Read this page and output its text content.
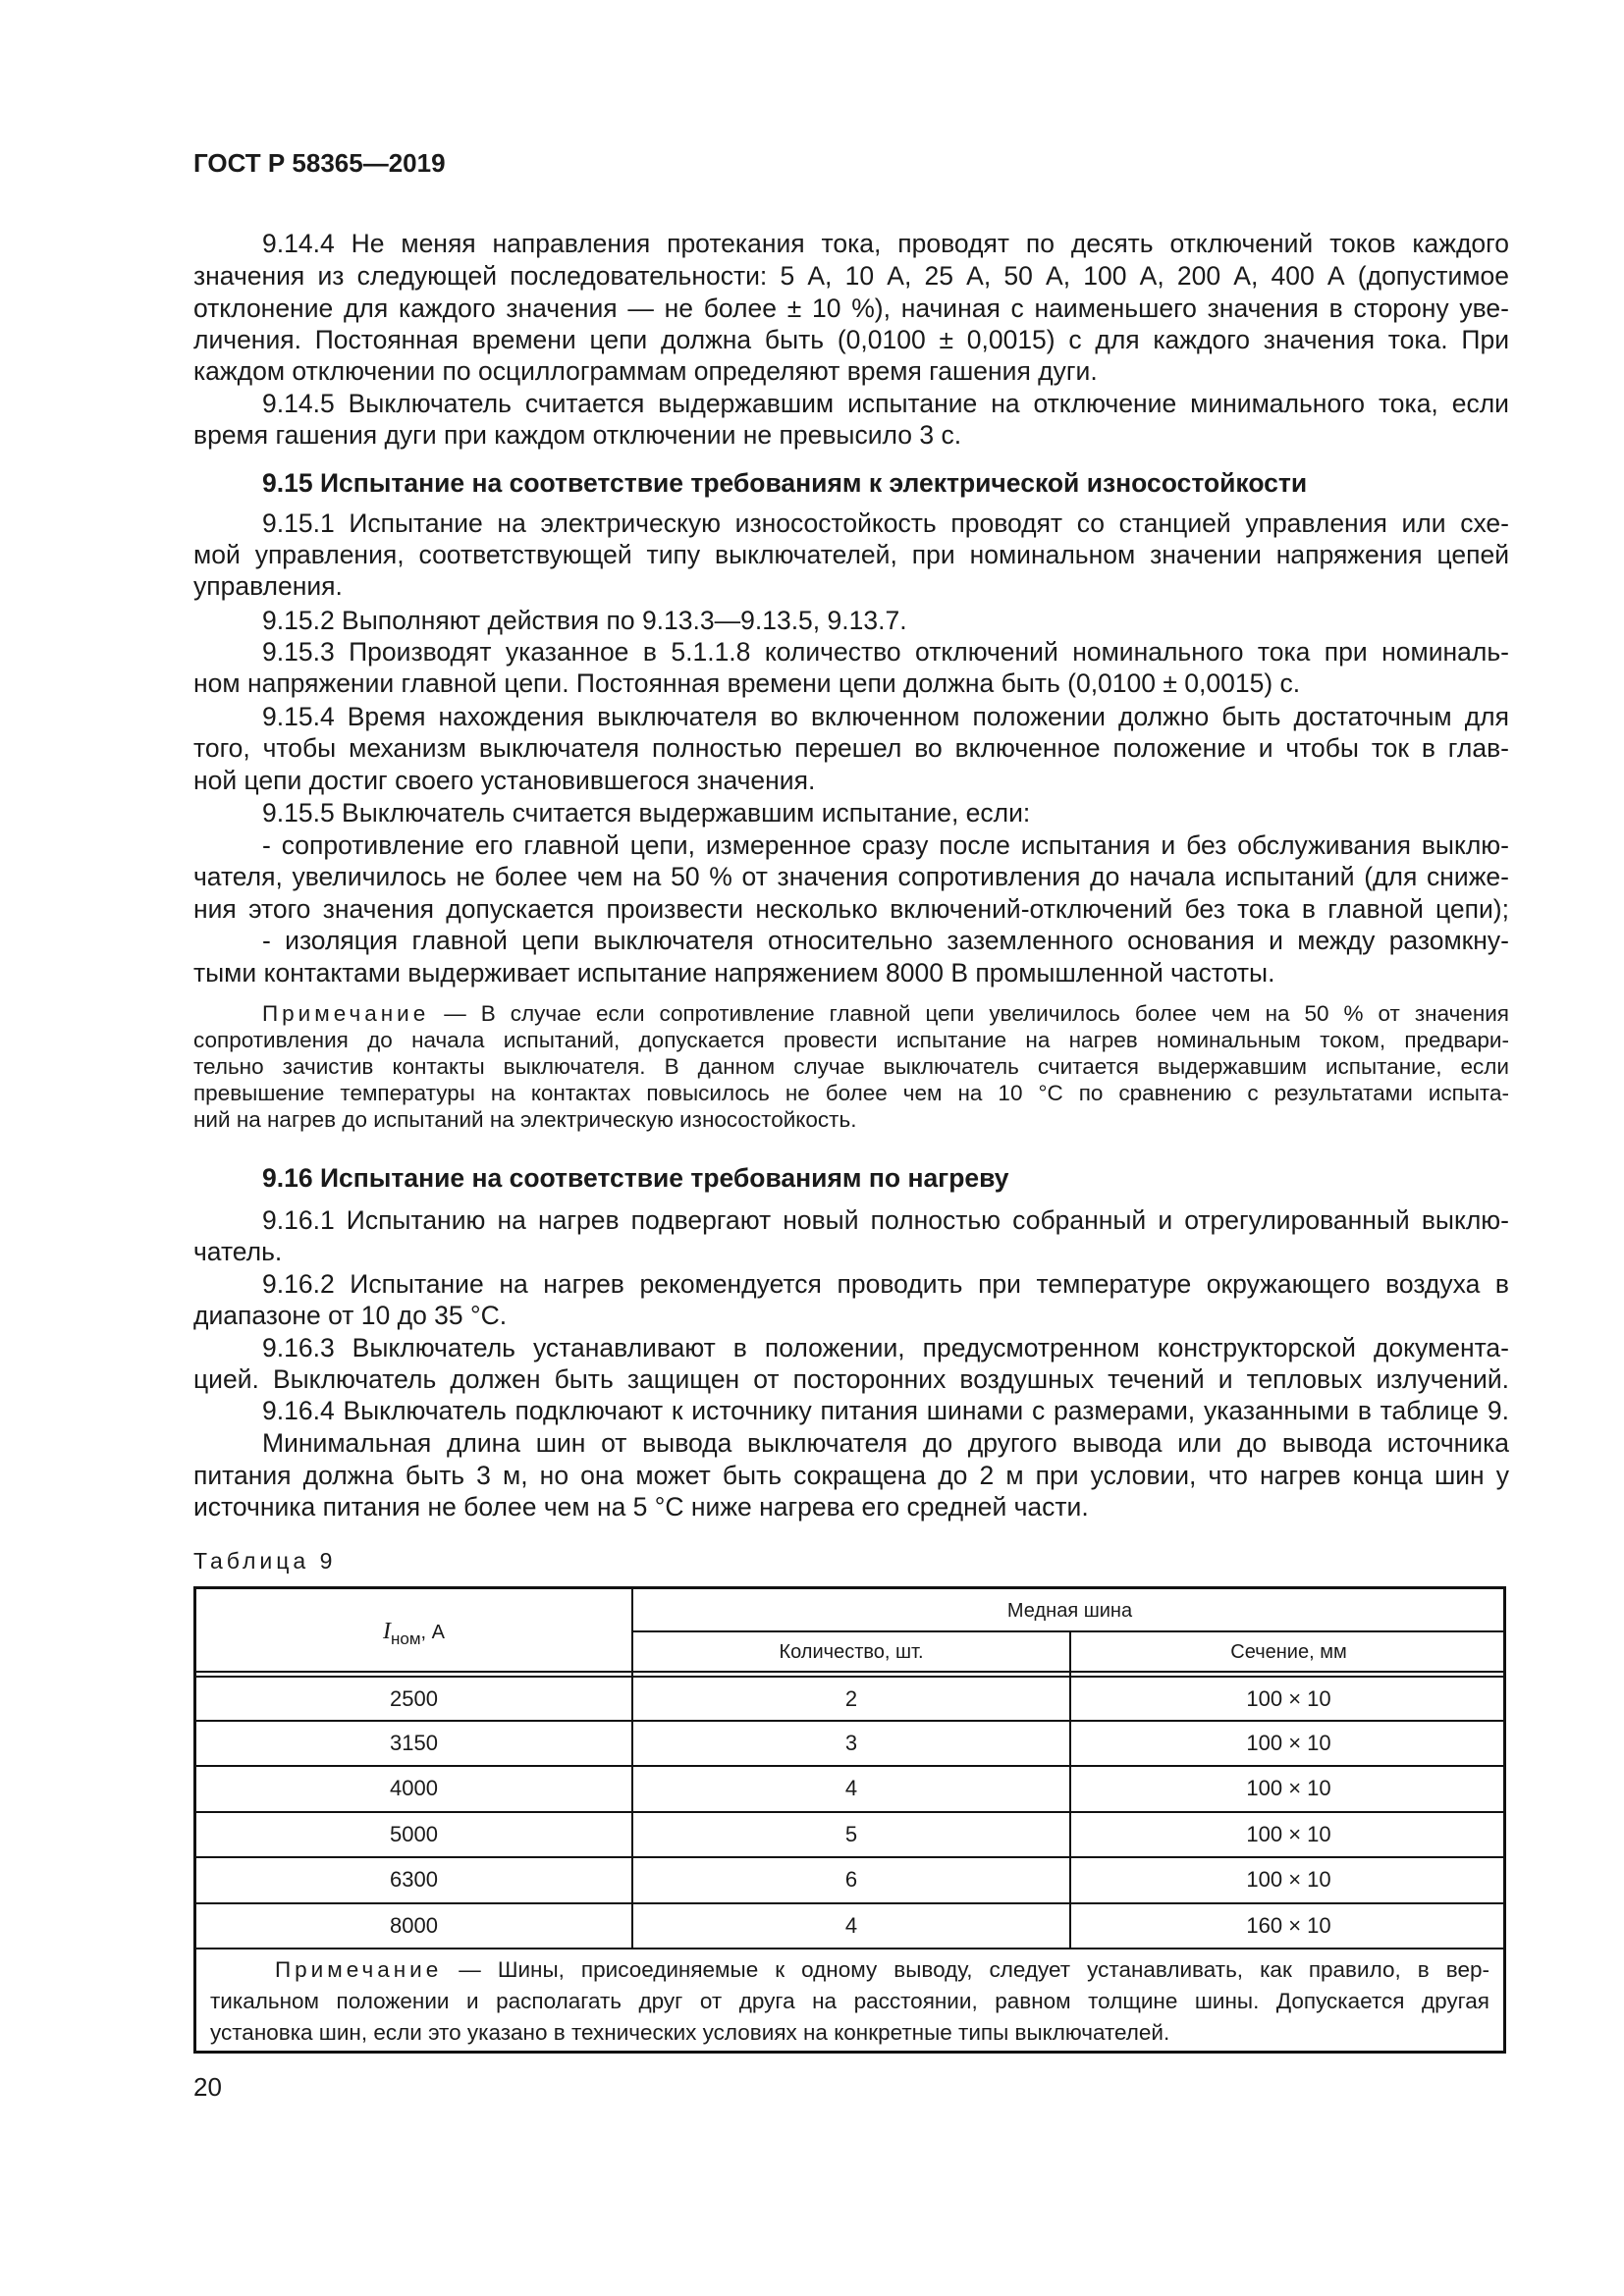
ГОСТ Р 58365—2019
9.14.4 Не меняя направления протекания тока, проводят по десять отключений токов каждого
значения из следующей последовательности: 5 А, 10 А, 25 А, 50 А, 100 А, 200 А, 400 А (допустимое
отклонение для каждого значения — не более ± 10 %), начиная с наименьшего значения в сторону уве-
личения. Постоянная времени цепи должна быть (0,0100 ± 0,0015) с для каждого значения тока. При
каждом отключении по осциллограммам определяют время гашения дуги.
9.14.5 Выключатель считается выдержавшим испытание на отключение минимального тока, если
время гашения дуги при каждом отключении не превысило 3 с.
9.15 Испытание на соответствие требованиям к электрической износостойкости
9.15.1 Испытание на электрическую износостойкость проводят со станцией управления или схе-
мой управления, соответствующей типу выключателей, при номинальном значении напряжения цепей
управления.
9.15.2 Выполняют действия по 9.13.3—9.13.5, 9.13.7.
9.15.3 Производят указанное в 5.1.1.8 количество отключений номинального тока при номиналь-
ном напряжении главной цепи. Постоянная времени цепи должна быть (0,0100 ± 0,0015) с.
9.15.4 Время нахождения выключателя во включенном положении должно быть достаточным для
того, чтобы механизм выключателя полностью перешел во включенное положение и чтобы ток в глав-
ной цепи достиг своего установившегося значения.
9.15.5 Выключатель считается выдержавшим испытание, если:
- сопротивление его главной цепи, измеренное сразу после испытания и без обслуживания выклю-
чателя, увеличилось не более чем на 50 % от значения сопротивления до начала испытаний (для сниже-
ния этого значения допускается произвести несколько включений-отключений без тока в главной цепи);
- изоляция главной цепи выключателя относительно заземленного основания и между разомкну-
тыми контактами выдерживает испытание напряжением 8000 В промышленной частоты.
Примечание — В случае если сопротивление главной цепи увеличилось более чем на 50 % от значения
сопротивления до начала испытаний, допускается провести испытание на нагрев номинальным током, предвари-
тельно зачистив контакты выключателя. В данном случае выключатель считается выдержавшим испытание, если
превышение температуры на контактах повысилось не более чем на 10 °С по сравнению с результатами испыта-
ний на нагрев до испытаний на электрическую износостойкость.
9.16 Испытание на соответствие требованиям по нагреву
9.16.1 Испытанию на нагрев подвергают новый полностью собранный и отрегулированный выклю-
чатель.
9.16.2 Испытание на нагрев рекомендуется проводить при температуре окружающего воздуха в
диапазоне от 10 до 35 °С.
9.16.3 Выключатель устанавливают в положении, предусмотренном конструкторской документа-
цией. Выключатель должен быть защищен от посторонних воздушных течений и тепловых излучений.
9.16.4 Выключатель подключают к источнику питания шинами с размерами, указанными в таблице 9.
Минимальная длина шин от вывода выключателя до другого вывода или до вывода источника
питания должна быть 3 м, но она может быть сокращена до 2 м при условии, что нагрев конца шин у
источника питания не более чем на 5 °С ниже нагрева его средней части.
Таблица 9
$I_{ном}$, А
Медная шина
Количество, шт.	Сечение, мм
2500	2	100 × 10
3150	3	100 × 10
4000	4	100 × 10
5000	5	100 × 10
6300	6	100 × 10
8000	4	160 × 10
Примечание — Шины, присоединяемые к одному выводу, следует устанавливать, как правило, в вер-
тикальном положении и располагать друг от друга на расстоянии, равном толщине шины. Допускается другая
установка шин, если это указано в технических условиях на конкретные типы выключателей.
20
